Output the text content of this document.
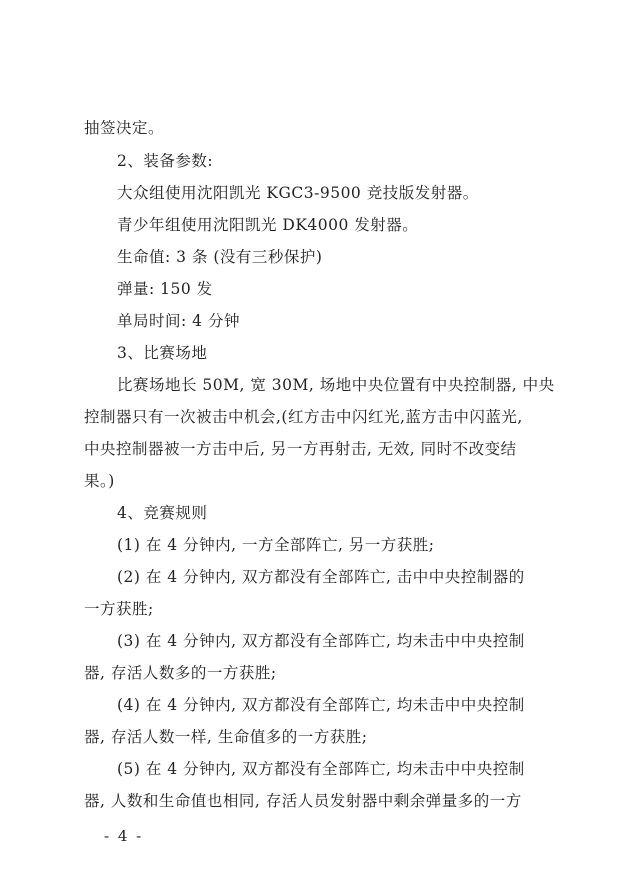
抽签决定。
2、装备参数:
大众组使用沈阳凯光 KGC3-9500 竞技版发射器。
青少年组使用沈阳凯光 DK4000 发射器。
生命值: 3 条 (没有三秒保护)
弹量: 150 发
单局时间: 4 分钟
3、比赛场地
比赛场地长 50M, 宽 30M, 场地中央位置有中央控制器, 中央
控制器只有一次被击中机会,(红方击中闪红光,蓝方击中闪蓝光,
中央控制器被一方击中后, 另一方再射击, 无效, 同时不改变结
果。)
4、竞赛规则
(1) 在 4 分钟内, 一方全部阵亡, 另一方获胜;
(2) 在 4 分钟内, 双方都没有全部阵亡, 击中中央控制器的
一方获胜;
(3) 在 4 分钟内, 双方都没有全部阵亡, 均未击中中央控制
器, 存活人数多的一方获胜;
(4) 在 4 分钟内, 双方都没有全部阵亡, 均未击中中央控制
器, 存活人数一样, 生命值多的一方获胜;
(5) 在 4 分钟内, 双方都没有全部阵亡, 均未击中中央控制
器, 人数和生命值也相同, 存活人员发射器中剩余弹量多的一方
- 4 -
